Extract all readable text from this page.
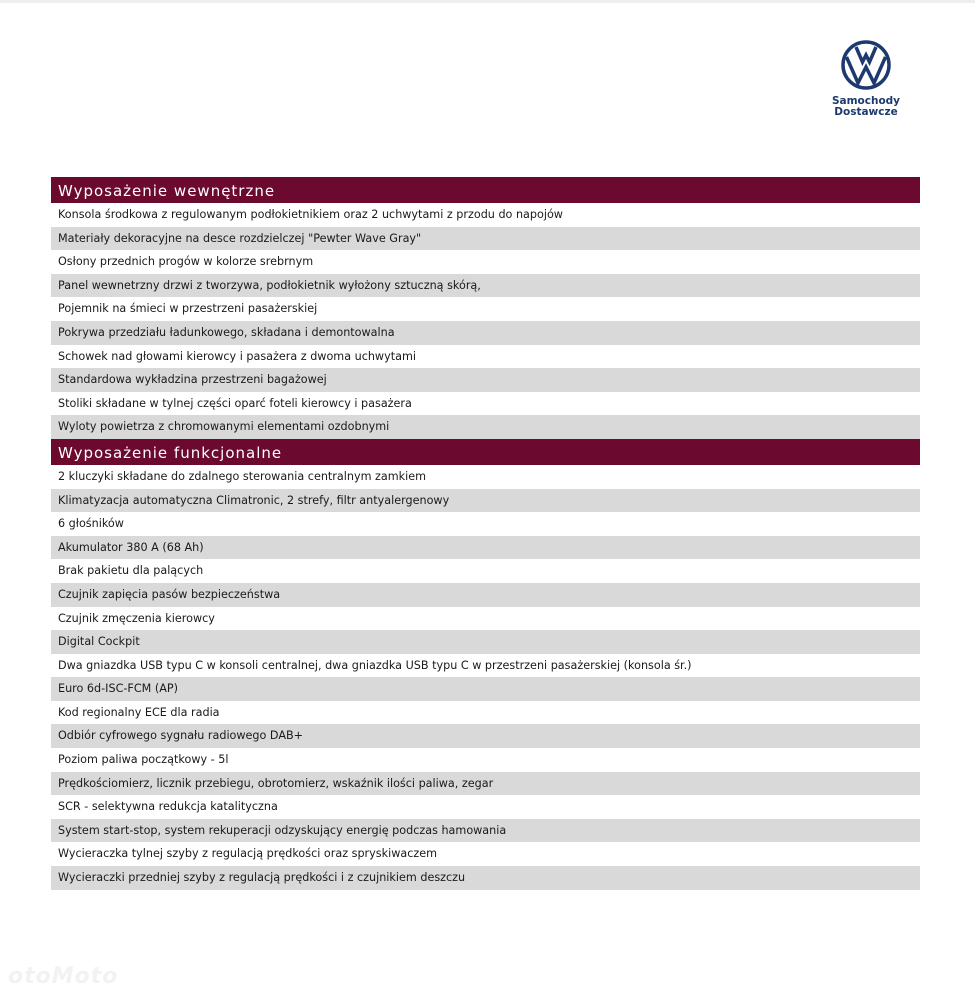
Samochody
Dostawcze
Wyposażenie wewnętrzne
Konsola środkowa z regulowanym podłokietnikiem oraz 2 uchwytami z przodu do napojów
Materiały dekoracyjne na desce rozdzielczej "Pewter Wave Gray"
Osłony przednich progów w kolorze srebrnym
Panel wewnetrzny drzwi z tworzywa, podłokietnik wyłożony sztuczną skórą,
Pojemnik na śmieci w przestrzeni pasażerskiej
Pokrywa przedziału ładunkowego, składana i demontowalna
Schowek nad głowami kierowcy i pasażera z dwoma uchwytami
Standardowa wykładzina przestrzeni bagażowej
Stoliki składane w tylnej części oparć foteli kierowcy i pasażera
Wyloty powietrza z chromowanymi elementami ozdobnymi
Wyposażenie funkcjonalne
2 kluczyki składane do zdalnego sterowania centralnym zamkiem
Klimatyzacja automatyczna Climatronic, 2 strefy, filtr antyalergenowy
6 głośników
Akumulator 380 A (68 Ah)
Brak pakietu dla palących
Czujnik zapięcia pasów bezpieczeństwa
Czujnik zmęczenia kierowcy
Digital Cockpit
Dwa gniazdka USB typu C w konsoli centralnej, dwa gniazdka USB typu C w przestrzeni pasażerskiej (konsola śr.)
Euro 6d-ISC-FCM (AP)
Kod regionalny ECE dla radia
Odbiór cyfrowego sygnału radiowego DAB+
Poziom paliwa początkowy - 5l
Prędkościomierz, licznik przebiegu, obrotomierz, wskaźnik ilości paliwa, zegar
SCR - selektywna redukcja katalityczna
System start-stop, system rekuperacji odzyskujący energię podczas hamowania
Wycieraczka tylnej szyby z regulacją prędkości oraz spryskiwaczem
Wycieraczki przedniej szyby z regulacją prędkości i z czujnikiem deszczu
otoMoto
